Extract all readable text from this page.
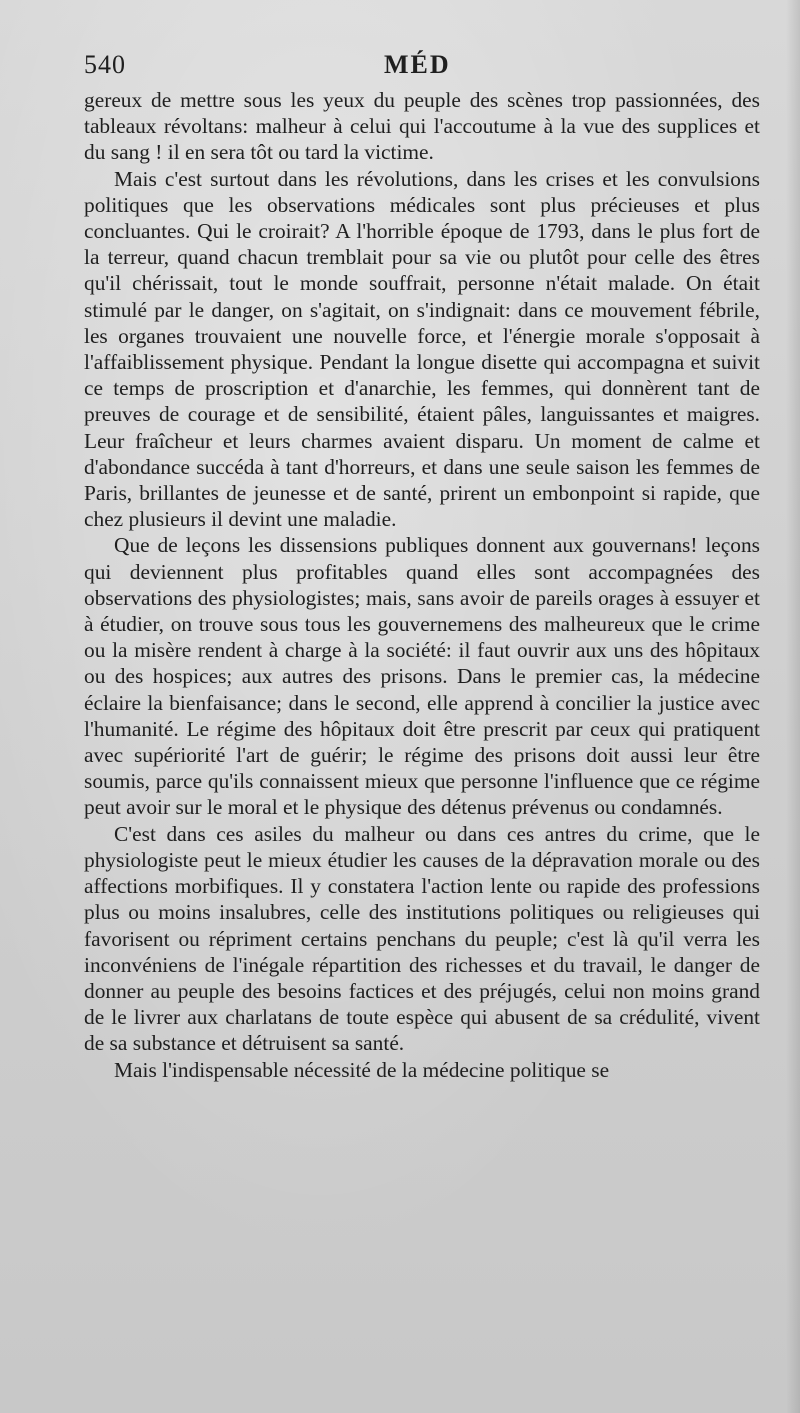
540	MÉD

gereux de mettre sous les yeux du peuple des scènes trop passionnées, des tableaux révoltans: malheur à celui qui l'accoutume à la vue des supplices et du sang ! il en sera tôt ou tard la victime.

Mais c'est surtout dans les révolutions, dans les crises et les convulsions politiques que les observations médicales sont plus précieuses et plus concluantes. Qui le croirait? A l'horrible époque de 1793, dans le plus fort de la terreur, quand chacun tremblait pour sa vie ou plutôt pour celle des êtres qu'il chérissait, tout le monde souffrait, personne n'était malade. On était stimulé par le danger, on s'agitait, on s'indignait: dans ce mouvement fébrile, les organes trouvaient une nouvelle force, et l'énergie morale s'opposait à l'affaiblissement physique. Pendant la longue disette qui accompagna et suivit ce temps de proscription et d'anarchie, les femmes, qui donnèrent tant de preuves de courage et de sensibilité, étaient pâles, languissantes et maigres. Leur fraîcheur et leurs charmes avaient disparu. Un moment de calme et d'abondance succéda à tant d'horreurs, et dans une seule saison les femmes de Paris, brillantes de jeunesse et de santé, prirent un embonpoint si rapide, que chez plusieurs il devint une maladie.

Que de leçons les dissensions publiques donnent aux gouvernans! leçons qui deviennent plus profitables quand elles sont accompagnées des observations des physiologistes; mais, sans avoir de pareils orages à essuyer et à étudier, on trouve sous tous les gouvernemens des malheureux que le crime ou la misère rendent à charge à la société: il faut ouvrir aux uns des hôpitaux ou des hospices; aux autres des prisons. Dans le premier cas, la médecine éclaire la bienfaisance; dans le second, elle apprend à concilier la justice avec l'humanité. Le régime des hôpitaux doit être prescrit par ceux qui pratiquent avec supériorité l'art de guérir; le régime des prisons doit aussi leur être soumis, parce qu'ils connaissent mieux que personne l'influence que ce régime peut avoir sur le moral et le physique des détenus prévenus ou condamnés.

C'est dans ces asiles du malheur ou dans ces antres du crime, que le physiologiste peut le mieux étudier les causes de la dépravation morale ou des affections morbifiques. Il y constatera l'action lente ou rapide des professions plus ou moins insalubres, celle des institutions politiques ou religieuses qui favorisent ou répriment certains penchans du peuple; c'est là qu'il verra les inconvéniens de l'inégale répartition des richesses et du travail, le danger de donner au peuple des besoins factices et des préjugés, celui non moins grand de le livrer aux charlatans de toute espèce qui abusent de sa crédulité, vivent de sa substance et détruisent sa santé.

Mais l'indispensable nécessité de la médecine politique se
